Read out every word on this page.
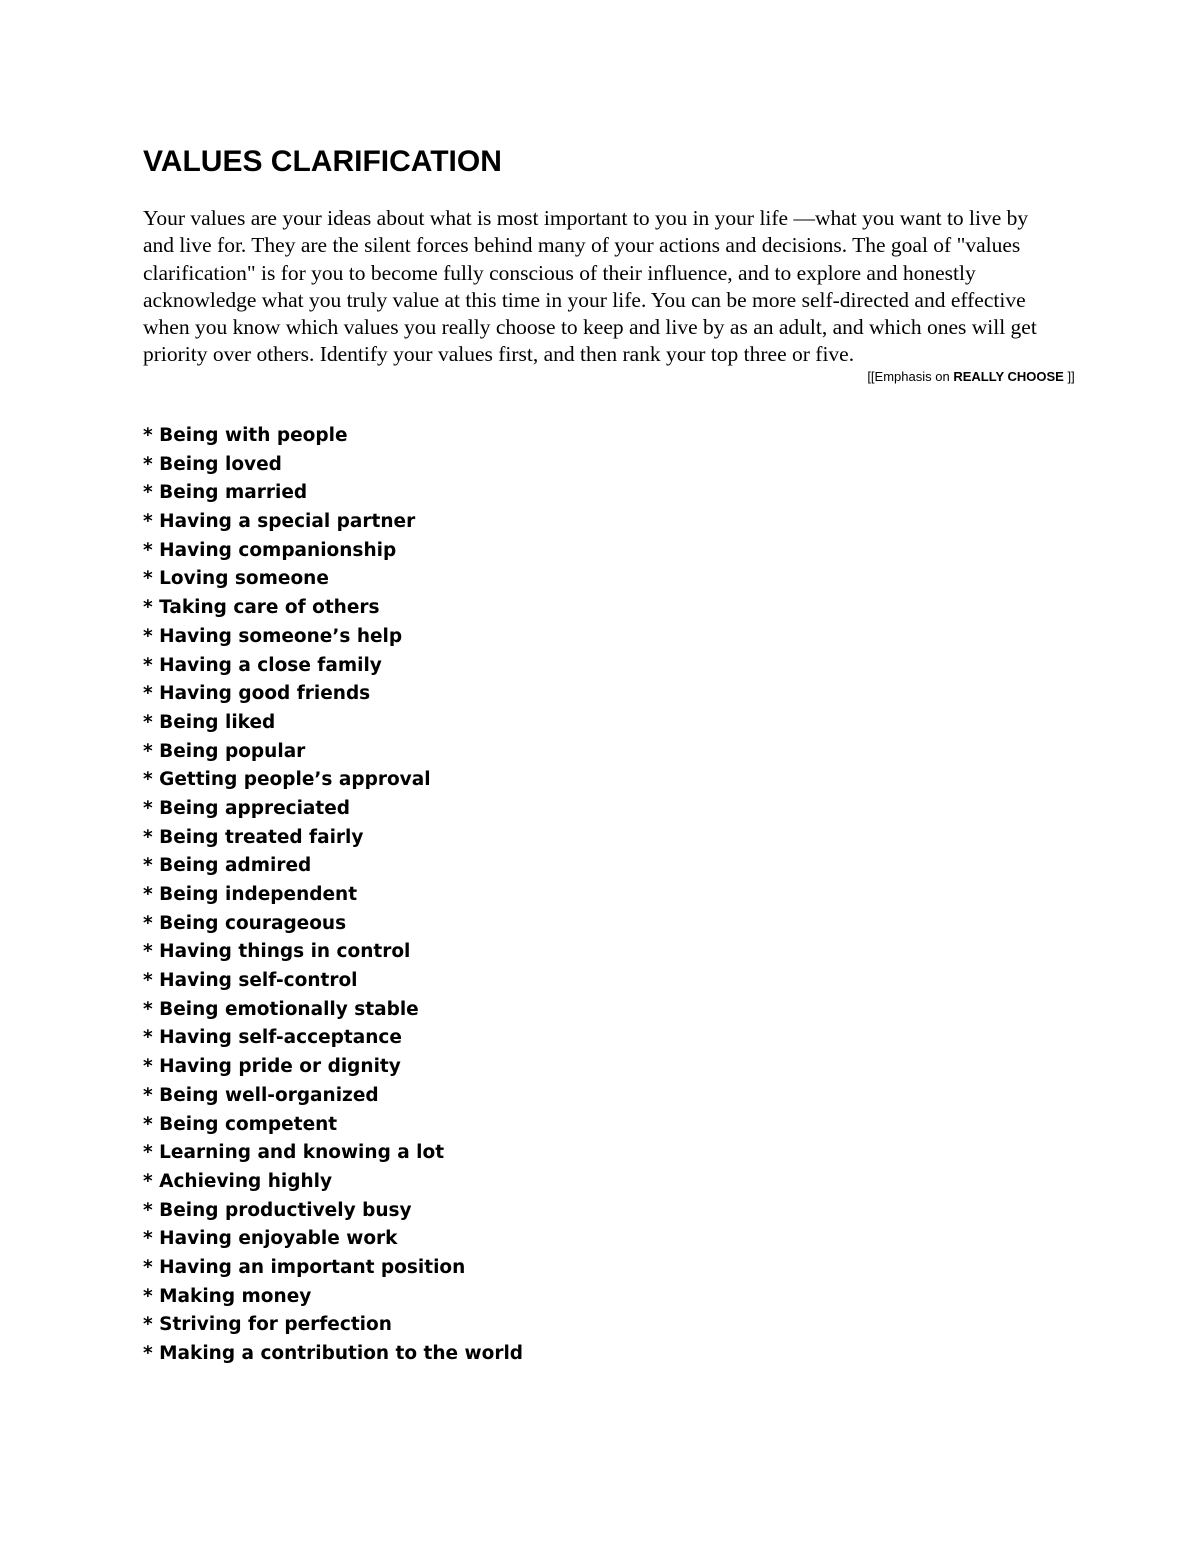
VALUES CLARIFICATION

Your values are your ideas about what is most important to you in your life —what you want to live by and live for. They are the silent forces behind many of your actions and decisions. The goal of "values clarification" is for you to become fully conscious of their influence, and to explore and honestly acknowledge what you truly value at this time in your life. You can be more self-directed and effective when you know which values you really choose to keep and live by as an adult, and which ones will get priority over others. Identify your values first, and then rank your top three or five.

[[Emphasis on REALLY CHOOSE ]]
* Being with people
* Being loved
* Being married
* Having a special partner
* Having companionship
* Loving someone
* Taking care of others
* Having someone’s help
* Having a close family
* Having good friends
* Being liked
* Being popular
* Getting people’s approval
* Being appreciated
* Being treated fairly
* Being admired
* Being independent
* Being courageous
* Having things in control
* Having self-control
* Being emotionally stable
* Having self-acceptance
* Having pride or dignity
* Being well-organized
* Being competent
* Learning and knowing a lot
* Achieving highly
* Being productively busy
* Having enjoyable work
* Having an important position
* Making money
* Striving for perfection
* Making a contribution to the world
